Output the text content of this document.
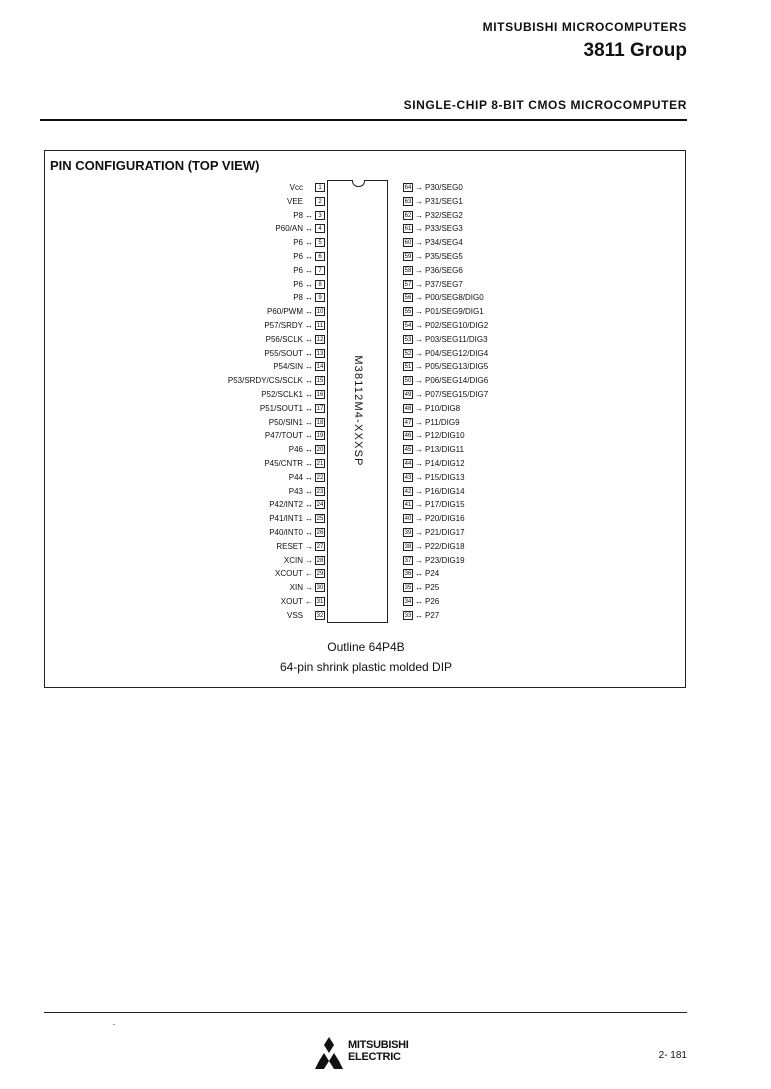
MITSUBISHI MICROCOMPUTERS
3811 Group
SINGLE-CHIP 8-BIT CMOS MICROCOMPUTER
PIN CONFIGURATION (TOP VIEW)
M38112M4-XXXSP
Vcc	1
VEE	2
P8 ↔ 3
P60/AN ↔ 4
P6 ↔ 5
P6 ↔ 6
P6 ↔ 7
P6 ↔ 8
P8 ↔ 9
P60/PWM ↔ 10
P57/SRDY ↔ 11
P56/SCLK ↔ 12
P55/SOUT ↔ 13
P54/SIN ↔ 14
P53/SRDY/CS/SCLK ↔ 15
P52/SCLK1 ↔ 16
P51/SOUT1 ↔ 17
P50/SIN1 ↔ 18
P47/TOUT ↔ 19
P46 ↔ 20
P45/CNTR ↔ 21
P44 ↔ 22
P43 ↔ 23
P42/INT2 ↔ 24
P41/INT1 ↔ 25
P40/INT0 ↔ 26
RESET → 27
XCIN → 28
XCOUT ← 29
XIN → 30
XOUT ← 31
VSS 32
64 → P30/SEG0
63 → P31/SEG1
62 → P32/SEG2
61 → P33/SEG3
60 → P34/SEG4
59 → P35/SEG5
58 → P36/SEG6
57 → P37/SEG7
56 → P00/SEG8/DIG0
55 → P01/SEG9/DIG1
54 → P02/SEG10/DIG2
53 → P03/SEG11/DIG3
52 → P04/SEG12/DIG4
51 → P05/SEG13/DIG5
50 → P06/SEG14/DIG6
49 → P07/SEG15/DIG7
48 → P10/DIG8
47 → P11/DIG9
46 → P12/DIG10
45 → P13/DIG11
44 → P14/DIG12
43 → P15/DIG13
42 → P16/DIG14
41 → P17/DIG15
40 → P20/DIG16
39 → P21/DIG17
38 → P22/DIG18
37 → P23/DIG19
36 ↔ P24
35 ↔ P25
34 ↔ P26
33 ↔ P27
Outline 64P4B
64-pin shrink plastic molded DIP
MITSUBISHI
ELECTRIC	2- 181
